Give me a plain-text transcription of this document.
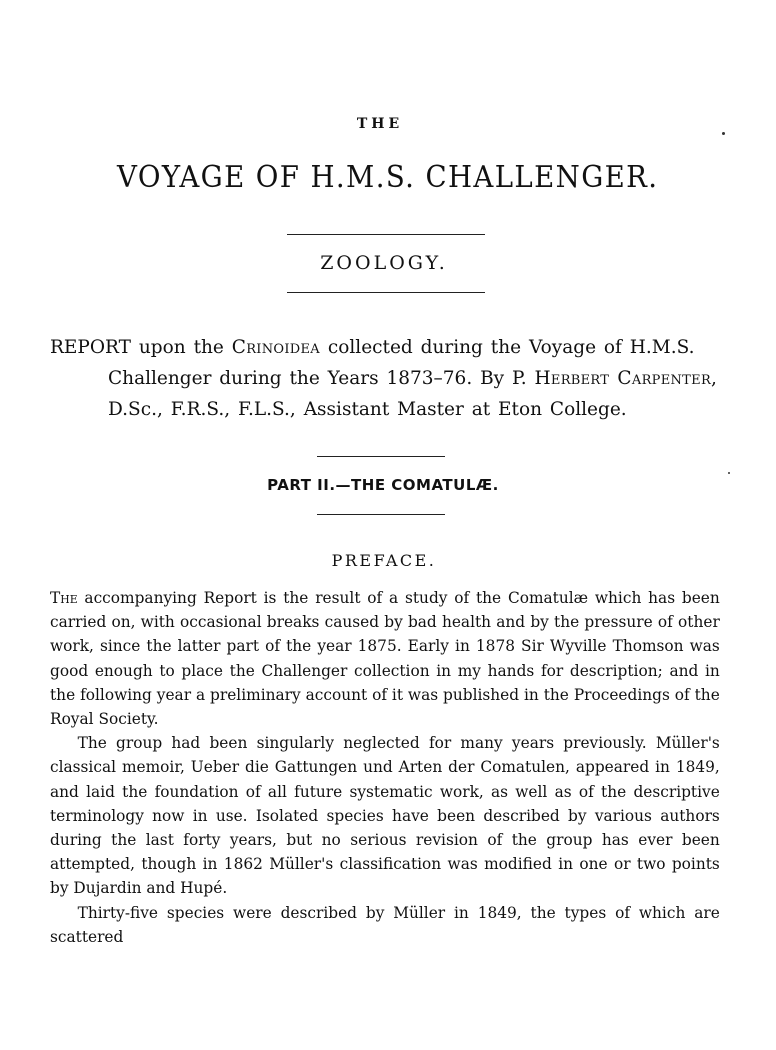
THE
VOYAGE OF H.M.S. CHALLENGER.
ZOOLOGY.
REPORT upon the Crinoidea collected during the Voyage of H.M.S.
Challenger during the Years 1873–76. By P. Herbert Carpenter,
D.Sc., F.R.S., F.L.S., Assistant Master at Eton College.
PART II.—THE COMATULÆ.
PREFACE.

The accompanying Report is the result of a study of the Comatulæ which has been carried on, with occasional breaks caused by bad health and by the pressure of other work, since the latter part of the year 1875. Early in 1878 Sir Wyville Thomson was good enough to place the Challenger collection in my hands for description; and in the following year a preliminary account of it was published in the Proceedings of the Royal Society.

The group had been singularly neglected for many years previously. Müller's classical memoir, Ueber die Gattungen und Arten der Comatulen, appeared in 1849, and laid the foundation of all future systematic work, as well as of the descriptive terminology now in use. Isolated species have been described by various authors during the last forty years, but no serious revision of the group has ever been attempted, though in 1862 Müller's classification was modified in one or two points by Dujardin and Hupé.

Thirty-five species were described by Müller in 1849, the types of which are scattered
